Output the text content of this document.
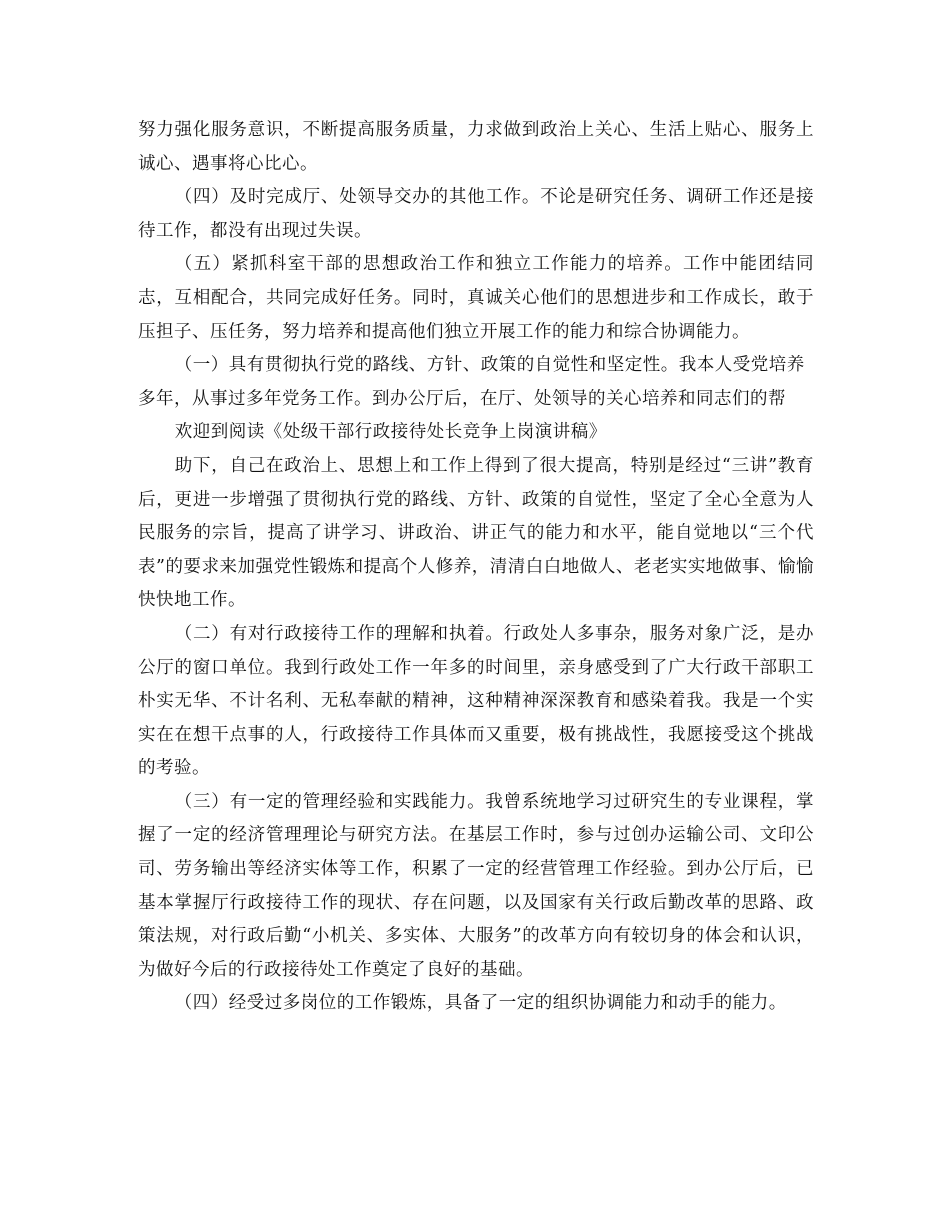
努力强化服务意识，不断提高服务质量，力求做到政治上关心、生活上贴心、服务上诚心、遇事将心比心。

（四）及时完成厅、处领导交办的其他工作。不论是研究任务、调研工作还是接待工作，都没有出现过失误。

（五）紧抓科室干部的思想政治工作和独立工作能力的培养。工作中能团结同志，互相配合，共同完成好任务。同时，真诚关心他们的思想进步和工作成长，敢于压担子、压任务，努力培养和提高他们独立开展工作的能力和综合协调能力。

（一）具有贯彻执行党的路线、方针、政策的自觉性和坚定性。我本人受党培养多年，从事过多年党务工作。到办公厅后，在厅、处领导的关心培养和同志们的帮

欢迎到阅读《处级干部行政接待处长竞争上岗演讲稿》

助下，自己在政治上、思想上和工作上得到了很大提高，特别是经过“三讲”教育后，更进一步增强了贯彻执行党的路线、方针、政策的自觉性，坚定了全心全意为人民服务的宗旨，提高了讲学习、讲政治、讲正气的能力和水平，能自觉地以“三个代表”的要求来加强党性锻炼和提高个人修养，清清白白地做人、老老实实地做事、愉愉快快地工作。

（二）有对行政接待工作的理解和执着。行政处人多事杂，服务对象广泛，是办公厅的窗口单位。我到行政处工作一年多的时间里，亲身感受到了广大行政干部职工朴实无华、不计名利、无私奉献的精神，这种精神深深教育和感染着我。我是一个实实在在想干点事的人，行政接待工作具体而又重要，极有挑战性，我愿接受这个挑战的考验。

（三）有一定的管理经验和实践能力。我曾系统地学习过研究生的专业课程，掌握了一定的经济管理理论与研究方法。在基层工作时，参与过创办运输公司、文印公司、劳务输出等经济实体等工作，积累了一定的经营管理工作经验。到办公厅后，已基本掌握厅行政接待工作的现状、存在问题，以及国家有关行政后勤改革的思路、政策法规，对行政后勤“小机关、多实体、大服务”的改革方向有较切身的体会和认识，为做好今后的行政接待处工作奠定了良好的基础。

（四）经受过多岗位的工作锻炼，具备了一定的组织协调能力和动手的能力。
